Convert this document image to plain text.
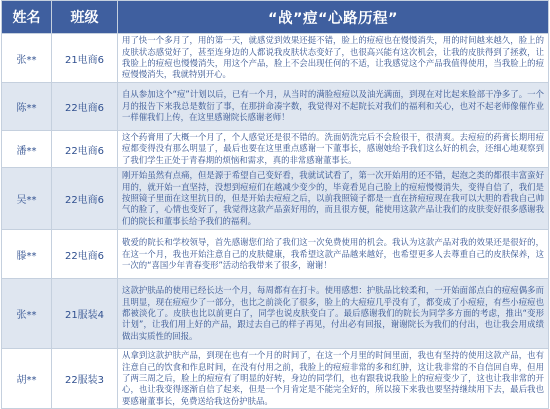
姓名	班级	“战”痘“心路历程”
张**	21电商6	用了快一个多月了，用的第一天，就感觉到效果还挺不错，脸上的痘痘也在慢慢消失，用的时间越来越久，脸上的皮肤状态感觉好了，甚至连身边的人都说我皮肤状态变好了，也很高兴能有这次机会，让我的皮肤得到了拯救，让我脸上的痘痘也慢慢消失，用这个产品，脸上不会出现任何的不适，让我感觉这个产品我值得使用，当我脸上的痘痘慢慢消失，我就特别开心。
陈**	22电商6	自从参加这个“痘”计划以后，已有一个月，从当时的满脸痘痘以及油光满面，到现在对比起来脸部干净多了。一个月的报告下来我总是数衍了事，在那拼命凑字数，我觉得对不起院长对我们的福利和关心，也对不起老师像催作业一样催我们上传，在这里感谢院长感谢老师！
潘**	22电商6	这个药膏用了大概一个月了，个人感觉还是很不错的。洗面奶洗完后不会脸很干，很清爽。去痘痘的药膏长期用痘痘都变得没有那么明显了，最后也要在这里重点感谢一下董事长，感谢她给予我们这么好的机会，还细心地观察到了我们学生正处于青春期的烦恼和需求，真的非常感谢董事长。
吴**	22电商6	刚开始虽然有点痛，但是源于希望自己变好看，我就试试看了，第一次开始用的还不错，起泡之类的都很丰富蛮好用的，就开始一直坚持，没想到痘痘们在越减少变少的，毕竟看见自己脸上的痘痘慢慢消失，变得自信了，我们是按照镜子里面在这里抗日的，但是开始去痘痘之后，以前我照镜子都是一直在挤痘痘现在我可以大胆的看我自己帅气的脸了，心情也变好了，我觉得这款产品蛮好用的，而且很方便，能使用这款产品让我们的皮肤变好很多感谢我们的院长和董事长给予我们的福利。
滕**	22电商6	敬爱的院长和学校领导，首先感谢您们给了我们这一次免费使用的机会。我认为这款产品对我的效果还是很好的，在这一个月，我也开始注意自己的皮肤健康，我希望这款产品越来越好，也希望更多人去尊重自己的皮肤保养，这一次的“喜国少年青春变形”活动给我带来了很多，谢谢！
张**	21服装4	这款护肤品的使用已经长达一个月，每周都有在打卡。使用感想：护肤品比较柔和，一开始面部点白的痘痘偶多而且明显，现在痘痘少了一部分，也比之前淡化了很多，脸上的大痘痘几乎没有了，都变成了小痘痘，有些小痘痘也都被淡化了。皮肤也比以前更白了，同学也说皮肤变白了。最后感谢我们的院长为同学多方面的考虑，推出“变形计划”，让我们用上好的产品，跟过去自己的样子再见，付出必有回报，谢谢院长为我们的付出，也让我会用成绩做出实质性的回报。
胡**	22服装3	从拿到这款护肤产品，到现在也有一个月的时间了，在这一个月里的时间里面，我也有坚持的使用这款产品，也有注意自己的饮食和作息时间，在没有付用之前，我脸上的痘痘非常的多和红肿，这让我非常的不自信回自卑，但用了两三周之后，脸上的痘痘有了明显的好转，身边的同学们，也有跟我说我脸上的痘痘变少了，这也让我非常的开心，也让我变得逐渐自信了起来，但是一个月肯定是不能完全好的，所以接下来我也要坚持继续用下去，最后我也要感谢董事长，免费送给我这份护肤品。
